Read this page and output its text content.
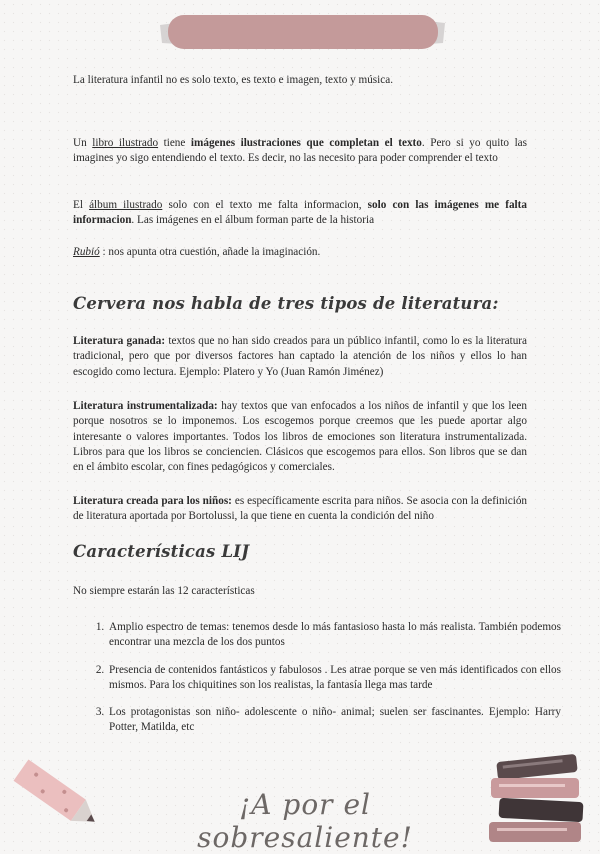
La literatura infantil no es solo texto, es texto e imagen, texto y música.

Un libro ilustrado tiene imágenes ilustraciones que completan el texto. Pero si yo quito las imagines yo sigo entendiendo el texto. Es decir, no las necesito para poder comprender el texto

El álbum ilustrado solo con el texto me falta informacion, solo con las imágenes me falta informacion. Las imágenes en el álbum forman parte de la historia

Rubió : nos apunta otra cuestión, añade la imaginación.

Cervera nos habla de tres tipos de literatura:

Literatura ganada: textos que no han sido creados para un público infantil, como lo es la literatura tradicional, pero que por diversos factores han captado la atención de los niños y ellos lo han escogido como lectura. Ejemplo: Platero y Yo (Juan Ramón Jiménez)

Literatura instrumentalizada: hay textos que van enfocados a los niños de infantil y que los leen porque nosotros se lo imponemos. Los escogemos porque creemos que les puede aportar algo interesante o valores importantes. Todos los libros de emociones son literatura instrumentalizada. Libros para que los libros se conciencien. Clásicos que escogemos para ellos. Son libros que se dan en el ámbito escolar, con fines pedagógicos y comerciales.

Literatura creada para los niños: es específicamente escrita para niños. Se asocia con la definición de literatura aportada por Bortolussi, la que tiene en cuenta la condición del niño

Características LIJ

No siempre estarán las 12 características

1. Amplio espectro de temas: tenemos desde lo más fantasioso hasta lo más realista. También podemos encontrar una mezcla de los dos puntos
2. Presencia de contenidos fantásticos y fabulosos . Les atrae porque se ven más identificados con ellos mismos. Para los chiquitines son los realistas, la fantasía llega mas tarde
3. Los protagonistas son niño- adolescente o niño- animal; suelen ser fascinantes. Ejemplo: Harry Potter, Matilda, etc
¡A por el sobresaliente!
